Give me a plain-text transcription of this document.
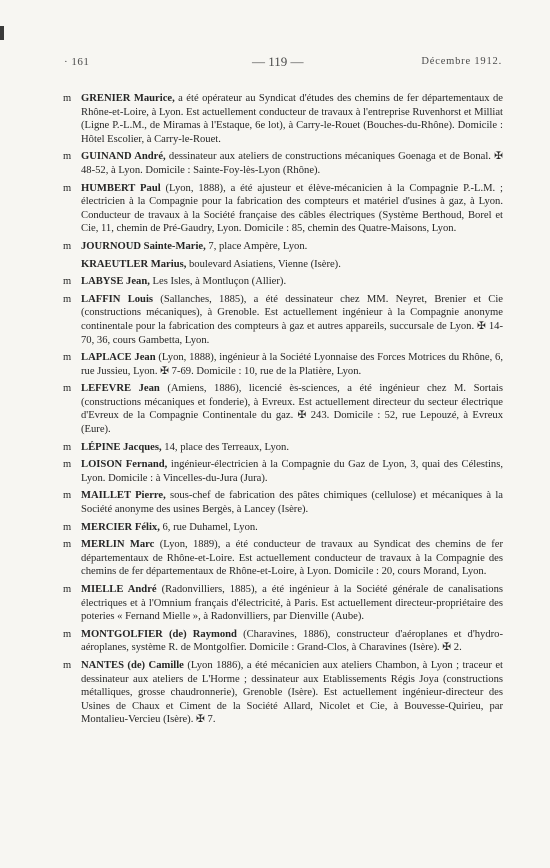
· 161	— 119 —	Décembre 1912.
m GRENIER Maurice, a été opérateur au Syndicat d'études des chemins de fer départementaux de Rhône-et-Loire, à Lyon. Est actuellement conducteur de travaux à l'entreprise Ruvenhorst et Milliat (Ligne P.-L.M., de Miramas à l'Estaque, 6e lot), à Carry-le-Rouet (Bouches-du-Rhône). Domicile : Hôtel Escolier, à Carry-le-Rouet.
m GUINAND André, dessinateur aux ateliers de constructions mécaniques Goenaga et de Bonal. ✠ 48-52, à Lyon. Domicile : Sainte-Foy-lès-Lyon (Rhône).
m HUMBERT Paul (Lyon, 1888), a été ajusteur et élève-mécanicien à la Compagnie P.-L.M. ; électricien à la Compagnie pour la fabrication des compteurs et matériel d'usines à gaz, à Lyon. Conducteur de travaux à la Société française des câbles électriques (Système Berthoud, Borel et Cie, 11, chemin de Pré-Gaudry, Lyon. Domicile : 85, chemin des Quatre-Maisons, Lyon.
m JOURNOUD Sainte-Marie, 7, place Ampère, Lyon.
KRAEUTLER Marius, boulevard Asiatiens, Vienne (Isère).
m LABYSE Jean, Les Isles, à Montluçon (Allier).
m LAFFIN Louis (Sallanches, 1885), a été dessinateur chez MM. Neyret, Brenier et Cie (constructions mécaniques), à Grenoble. Est actuellement ingénieur à la Compagnie anonyme continentale pour la fabrication des compteurs à gaz et autres appareils, succursale de Lyon. ✠ 14-70, 36, cours Gambetta, Lyon.
m LAPLACE Jean (Lyon, 1888), ingénieur à la Société Lyonnaise des Forces Motrices du Rhône, 6, rue Jussieu, Lyon. ✠ 7-69. Domicile : 10, rue de la Platière, Lyon.
m LEFEVRE Jean (Amiens, 1886), licencié ès-sciences, a été ingénieur chez M. Sortais (constructions mécaniques et fonderie), à Evreux. Est actuellement directeur du secteur électrique d'Evreux de la Compagnie Continentale du gaz. ✠ 243. Domicile : 52, rue Lepouzé, à Evreux (Eure).
m LÉPINE Jacques, 14, place des Terreaux, Lyon.
m LOISON Fernand, ingénieur-électricien à la Compagnie du Gaz de Lyon, 3, quai des Célestins, Lyon. Domicile : à Vincelles-du-Jura (Jura).
m MAILLET Pierre, sous-chef de fabrication des pâtes chimiques (cellulose) et mécaniques à la Société anonyme des usines Bergès, à Lancey (Isère).
m MERCIER Félix, 6, rue Duhamel, Lyon.
m MERLIN Marc (Lyon, 1889), a été conducteur de travaux au Syndicat des chemins de fer départementaux de Rhône-et-Loire. Est actuellement conducteur de travaux à la Compagnie des chemins de fer départementaux de Rhône-et-Loire, à Lyon. Domicile : 20, cours Morand, Lyon.
m MIELLE André (Radonvilliers, 1885), a été ingénieur à la Société générale de canalisations électriques et à l'Omnium français d'électricité, à Paris. Est actuellement directeur-propriétaire des poteries « Fernand Mielle », à Radonvilliers, par Dienville (Aube).
m MONTGOLFIER (de) Raymond (Charavines, 1886), constructeur d'aéroplanes et d'hydro-aéroplanes, système R. de Montgolfier. Domicile : Grand-Clos, à Charavines (Isère). ✠ 2.
m NANTES (de) Camille (Lyon 1886), a été mécanicien aux ateliers Chambon, à Lyon ; traceur et dessinateur aux ateliers de L'Horme ; dessinateur aux Etablissements Régis Joya (constructions métalliques, grosse chaudronnerie), Grenoble (Isère). Est actuellement ingénieur-directeur des Usines de Chaux et Ciment de la Société Allard, Nicolet et Cie, à Bouvesse-Quirieu, par Montalieu-Vercieu (Isère). ✠ 7.
